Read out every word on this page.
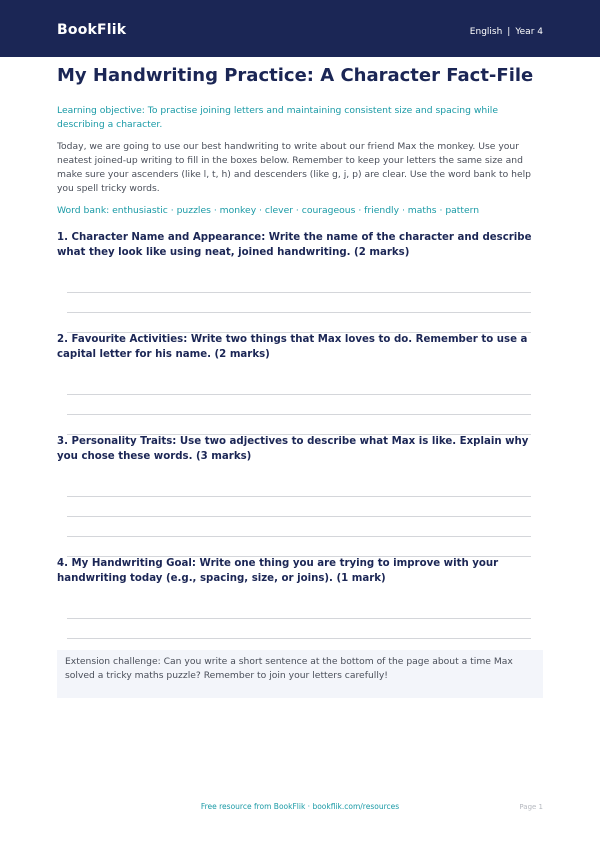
BookFlik	English | Year 4
My Handwriting Practice: A Character Fact-File
Learning objective: To practise joining letters and maintaining consistent size and spacing while describing a character.
Today, we are going to use our best handwriting to write about our friend Max the monkey. Use your neatest joined-up writing to fill in the boxes below. Remember to keep your letters the same size and make sure your ascenders (like l, t, h) and descenders (like g, j, p) are clear. Use the word bank to help you spell tricky words.
Word bank: enthusiastic · puzzles · monkey · clever · courageous · friendly · maths · pattern
1. Character Name and Appearance: Write the name of the character and describe what they look like using neat, joined handwriting. (2 marks)
2. Favourite Activities: Write two things that Max loves to do. Remember to use a capital letter for his name. (2 marks)
3. Personality Traits: Use two adjectives to describe what Max is like. Explain why you chose these words. (3 marks)
4. My Handwriting Goal: Write one thing you are trying to improve with your handwriting today (e.g., spacing, size, or joins). (1 mark)
Extension challenge: Can you write a short sentence at the bottom of the page about a time Max solved a tricky maths puzzle? Remember to join your letters carefully!
Free resource from BookFlik · bookflik.com/resources	Page 1
